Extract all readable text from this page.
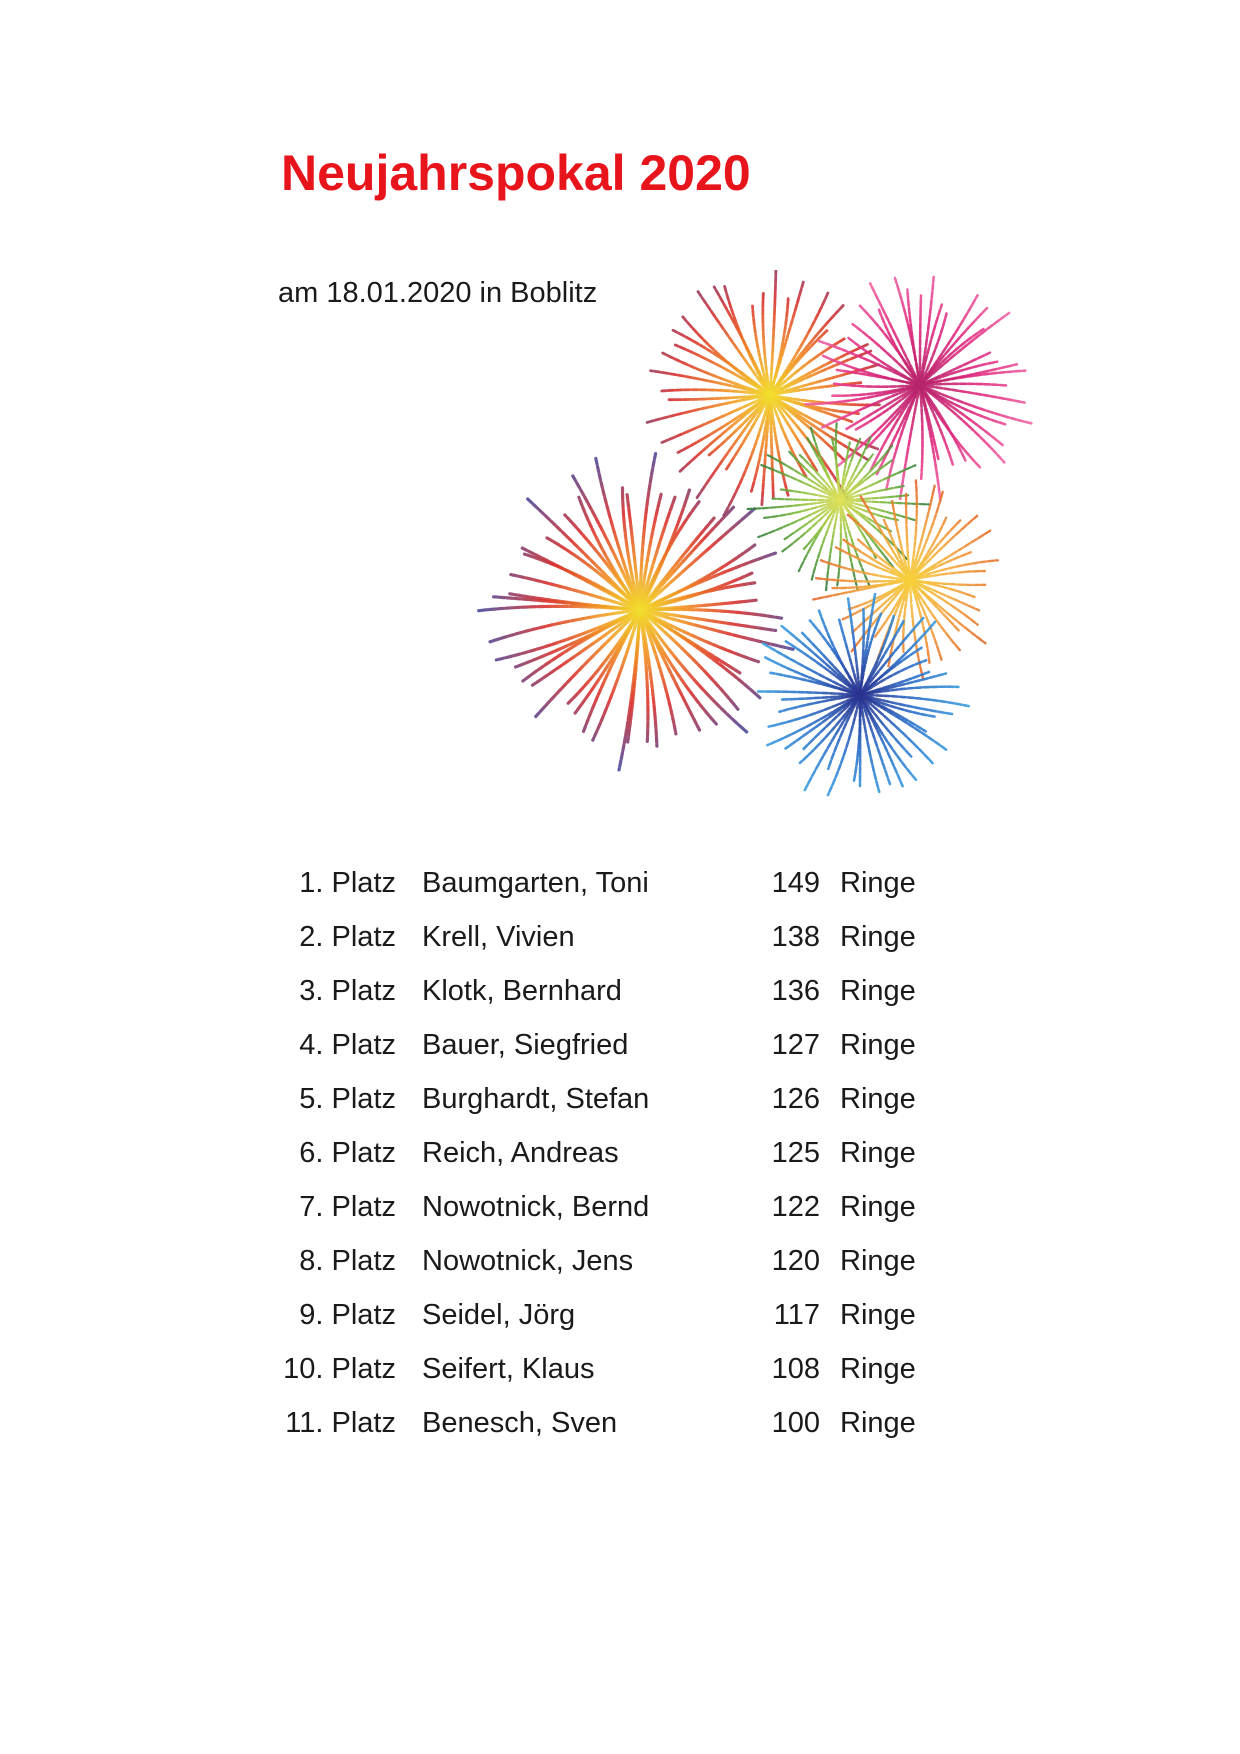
Neujahrspokal 2020
am 18.01.2020 in Boblitz
1. Platz Baumgarten, Toni	149 Ringe
2. Platz Krell, Vivien	138 Ringe
3. Platz Klotk, Bernhard	136 Ringe
4. Platz Bauer, Siegfried	127 Ringe
5. Platz Burghardt, Stefan	126 Ringe
6. Platz Reich, Andreas	125 Ringe
7. Platz Nowotnick, Bernd	122 Ringe
8. Platz Nowotnick, Jens	120 Ringe
9. Platz Seidel, Jörg	117 Ringe
10. Platz Seifert, Klaus	108 Ringe
11. Platz Benesch, Sven	100 Ringe
